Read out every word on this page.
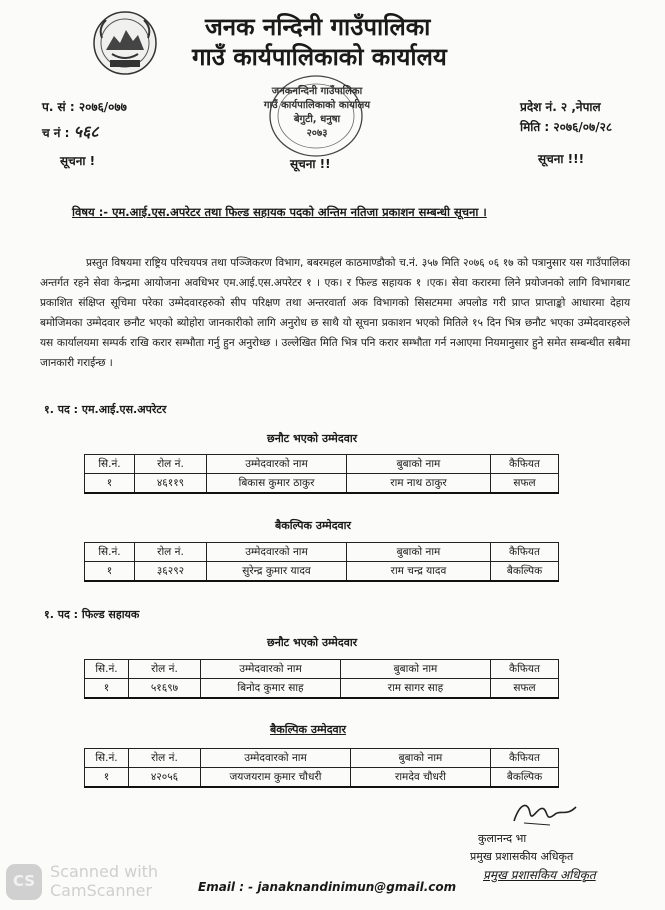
जनक नन्दिनी गाउँपालिका
गाउँ कार्यपालिकाको कार्यालय
प. सं : २०७६/०७७
च नं : ५६८
प्रदेश नं. २ ,नेपाल
मिति : २०७६/०७/२८
जनकनन्दिनी गाउँपालिका
गाउँ कार्यपालिकाको कार्यालय
बेगुटी, धनुषा
२०७३
सूचना !	सूचना !!	सूचना !!!
विषय :- एम.आई.एस.अपरेटर तथा फिल्ड सहायक पदको अन्तिम नतिजा प्रकाशन सम्बन्धी सूचना ।
प्रस्तुत विषयमा राष्ट्रिय परिचयपत्र तथा पञ्जिकरण विभाग, बबरमहल काठमाण्डौको च.नं. ३५७ मिति २०७६ ०६ १७ को पत्रानुसार यस गाउँपालिका अन्तर्गत रहने सेवा केन्द्रमा आयोजना अवधिभर एम.आई.एस.अपरेटर १ । एक। र फिल्ड सहायक १ ।एक। सेवा करारमा लिने प्रयोजनको लागि विभागबाट प्रकाशित संक्षिप्त सूचिमा परेका उम्मेदवारहरुको सीप परिक्षण तथा अन्तरवार्ता अक विभागको सिसटममा अपलोड गरी प्राप्त प्राप्ताङ्को आधारमा देहाय बमोजिमका उम्मेदवार छनौट भएको ब्योहोरा जानकारीको लागि अनुरोध छ साथै यो सूचना प्रकाशन भएको मितिले १५ दिन भित्र छनौट भएका उम्मेदवारहरुले यस कार्यालयमा सम्पर्क राखि करार सम्भौता गर्नु हुन अनुरोध्छ । उल्लेखित मिति भित्र पनि करार सम्भौता गर्न नआएमा नियमानुसार हुने समेत सम्बन्धीत सबैमा जानकारी गराईन्छ ।
१. पद : एम.आई.एस.अपरेटर
छनौट भएको उम्मेदवार
सि.नं.	रोल नं.	उम्मेदवारको नाम	बुबाको नाम	कैफियत
१	४६११९	बिकास कुमार ठाकुर	राम नाथ ठाकुर	सफल
बैकल्पिक उम्मेदवार
सि.नं.	रोल नं.	उम्मेदवारको नाम	बुबाको नाम	कैफियत
१	३६२९२	सुरेन्द्र कुमार यादव	राम चन्द्र यादव	बैकल्पिक
१. पद : फिल्ड सहायक
छनौट भएको उम्मेदवार
सि.नं.	रोल नं.	उम्मेदवारको नाम	बुबाको नाम	कैफियत
१	५१६९७	बिनोद कुमार साह	राम सागर साह	सफल
बैकल्पिक उम्मेदवार
सि.नं.	रोल नं.	उम्मेदवारको नाम	बुबाको नाम	कैफियत
१	४२०५६	जयजयराम कुमार चौधरी	रामदेव चौधरी	बैकल्पिक
कुलानन्द भा
प्रमुख प्रशासकीय अधिकृत
प्रमुख प्रशासकिय अधिकृत
Email : - janaknandinimun@gmail.com
CS Scanned with
CamScanner
